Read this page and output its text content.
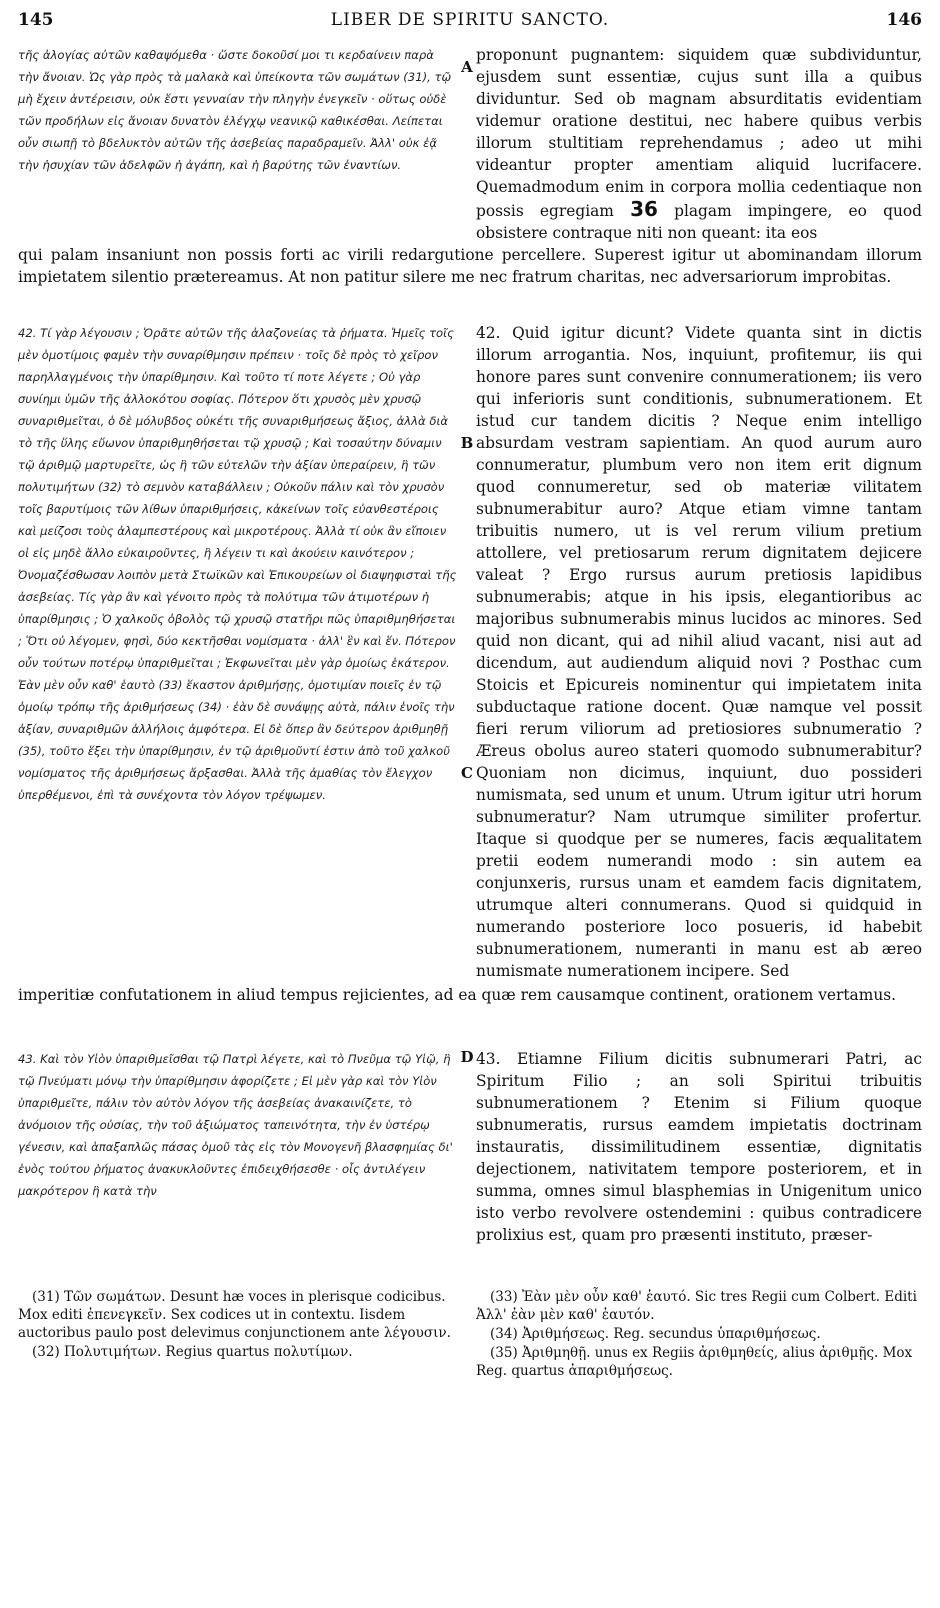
145	LIBER DE SPIRITU SANCTO.	146

τῆς ἀλογίας αὐτῶν καθαψόμεθα · ὥστε δοκοῦσί μοι τι κερδαίνειν παρὰ τὴν ἄνοιαν. Ὡς γὰρ πρὸς τὰ μαλακὰ καὶ ὑπείκοντα τῶν σωμάτων (31), τῷ μὴ ἔχειν ἀντέρεισιν, οὐκ ἔστι γενναίαν τὴν πληγὴν ἐνεγκεῖν · οὕτως οὐδὲ τῶν προδήλων εἰς ἄνοιαν δυνατὸν ἐλέγχῳ νεανικῷ καθικέσθαι. Λείπεται οὖν σιωπῇ τὸ βδελυκτὸν αὐτῶν τῆς ἀσεβείας παραδραμεῖν. Ἀλλ' οὐκ ἐᾷ τὴν ἡσυχίαν τῶν ἀδελφῶν ἡ ἀγάπη, καὶ ἡ βαρύτης τῶν ἐναντίων.

A

proponunt pugnantem: siquidem quæ subdividuntur, ejusdem sunt essentiæ, cujus sunt illa a quibus dividuntur. Sed ob magnam absurditatis evidentiam videmur oratione destitui, nec habere quibus verbis illorum stultitiam reprehendamus ; adeo ut mihi videantur propter amentiam aliquid lucrifacere. Quemadmodum enim in corpora mollia cedentiaque non possis egregiam 36 plagam impingere, eo quod obsistere contraque niti non queant: ita eos

qui palam insaniunt non possis forti ac virili redargutione percellere. Superest igitur ut abominandam illorum impietatem silentio prætereamus. At non patitur silere me nec fratrum charitas, nec adversariorum improbitas.

42. Τί γὰρ λέγουσιν ; Ὁρᾶτε αὐτῶν τῆς ἀλαζονείας τὰ ῥήματα. Ἡμεῖς τοῖς μὲν ὁμοτίμοις φαμὲν τὴν συναρίθμησιν πρέπειν · τοῖς δὲ πρὸς τὸ χεῖρον παρηλλαγμένοις τὴν ὑπαρίθμησιν. Καὶ τοῦτο τί ποτε λέγετε ; Οὐ γὰρ συνίημι ὑμῶν τῆς ἀλλοκότου σοφίας. Πότερον ὅτι χρυσὸς μὲν χρυσῷ συναριθμεῖται, ὁ δὲ μόλυβδος οὐκέτι τῆς συναριθμήσεως ἄξιος, ἀλλὰ διὰ τὸ τῆς ὕλης εὔωνον ὑπαριθμηθήσεται τῷ χρυσῷ ; Καὶ τοσαύτην δύναμιν τῷ ἀριθμῷ μαρτυρεῖτε, ὡς ἢ τῶν εὐτελῶν τὴν ἀξίαν ὑπεραίρειν, ἢ τῶν πολυτιμήτων (32) τὸ σεμνὸν καταβάλλειν ; Οὐκοῦν πάλιν καὶ τὸν χρυσὸν τοῖς βαρυτίμοις τῶν λίθων ὑπαριθμήσεις, κἀκείνων τοῖς εὐανθεστέροις καὶ μείζοσι τοὺς ἀλαμπεστέρους καὶ μικροτέρους. Ἀλλὰ τί οὐκ ἂν εἴποιεν οἱ εἰς μηδὲ ἄλλο εὐκαιροῦντες, ἢ λέγειν τι καὶ ἀκούειν καινότερον ; Ὀνομαζέσθωσαν λοιπὸν μετὰ Στωϊκῶν καὶ Ἐπικουρείων οἱ διαψηφισταὶ τῆς ἀσεβείας. Τίς γὰρ ἂν καὶ γένοιτο πρὸς τὰ πολύτιμα τῶν ἀτιμοτέρων ἡ ὑπαρίθμησις ; Ὁ χαλκοῦς ὀβολὸς τῷ χρυσῷ στατῆρι πῶς ὑπαριθμηθήσεται ; Ὅτι οὐ λέγομεν, φησὶ, δύο κεκτῆσθαι νομίσματα · ἀλλ' ἓν καὶ ἕν. Πότερον οὖν τούτων ποτέρῳ ὑπαριθμεῖται ; Ἐκφωνεῖται μὲν γὰρ ὁμοίως ἑκάτερον. Ἐὰν μὲν οὖν καθ' ἑαυτὸ (33) ἕκαστον ἀριθμήσῃς, ὁμοτιμίαν ποιεῖς ἐν τῷ ὁμοίῳ τρόπῳ τῆς ἀριθμήσεως (34) · ἐὰν δὲ συνάψῃς αὐτὰ, πάλιν ἑνοῖς τὴν ἀξίαν, συναριθμῶν ἀλλήλοις ἀμφότερα. Εἰ δὲ ὅπερ ἂν δεύτερον ἀριθμηθῇ (35), τοῦτο ἕξει τὴν ὑπαρίθμησιν, ἐν τῷ ἀριθμοῦντί ἐστιν ἀπὸ τοῦ χαλκοῦ νομίσματος τῆς ἀριθμήσεως ἄρξασθαι. Ἀλλὰ τῆς ἀμαθίας τὸν ἔλεγχον ὑπερθέμενοι, ἐπὶ τὰ συνέχοντα τὸν λόγον τρέψωμεν.

B
C

42. Quid igitur dicunt? Videte quanta sint in dictis illorum arrogantia. Nos, inquiunt, profitemur, iis qui honore pares sunt convenire connumerationem; iis vero qui inferioris sunt conditionis, subnumerationem. Et istud cur tandem dicitis ? Neque enim intelligo absurdam vestram sapientiam. An quod aurum auro connumeratur, plumbum vero non item erit dignum quod connumeretur, sed ob materiæ vilitatem subnumerabitur auro? Atque etiam vimne tantam tribuitis numero, ut is vel rerum vilium pretium attollere, vel pretiosarum rerum dignitatem dejicere valeat ? Ergo rursus aurum pretiosis lapidibus subnumerabis; atque in his ipsis, elegantioribus ac majoribus subnumerabis minus lucidos ac minores. Sed quid non dicant, qui ad nihil aliud vacant, nisi aut ad dicendum, aut audiendum aliquid novi ? Posthac cum Stoicis et Epicureis nominentur qui impietatem inita subductaque ratione docent. Quæ namque vel possit fieri rerum viliorum ad pretiosiores subnumeratio ? Æreus obolus aureo stateri quomodo subnumerabitur? Quoniam non dicimus, inquiunt, duo possideri numismata, sed unum et unum. Utrum igitur utri horum subnumeratur? Nam utrumque similiter profertur. Itaque si quodque per se numeres, facis æqualitatem pretii eodem numerandi modo : sin autem ea conjunxeris, rursus unam et eamdem facis dignitatem, utrumque alteri connumerans. Quod si quidquid in numerando posteriore loco posueris, id habebit subnumerationem, numeranti in manu est ab æreo numismate numerationem incipere. Sed

imperitiæ confutationem in aliud tempus rejicientes, ad ea quæ rem causamque continent, orationem vertamus.

43. Καὶ τὸν Υἱὸν ὑπαριθμεῖσθαι τῷ Πατρὶ λέγετε, καὶ τὸ Πνεῦμα τῷ Υἱῷ, ἢ τῷ Πνεύματι μόνῳ τὴν ὑπαρίθμησιν ἀφορίζετε ; Εἰ μὲν γὰρ καὶ τὸν Υἱὸν ὑπαριθμεῖτε, πάλιν τὸν αὐτὸν λόγον τῆς ἀσεβείας ἀνακαινίζετε, τὸ ἀνόμοιον τῆς οὐσίας, τὴν τοῦ ἀξιώματος ταπεινότητα, τὴν ἐν ὑστέρῳ γένεσιν, καὶ ἁπαξαπλῶς πάσας ὁμοῦ τὰς εἰς τὸν Μονογενῆ βλασφημίας δι' ἑνὸς τούτου ῥήματος ἀνακυκλοῦντες ἐπιδειχθήσεσθε · οἷς ἀντιλέγειν μακρότερον ἢ κατὰ τὴν

D 43. Etiamne Filium dicitis subnumerari Patri, ac Spiritum Filio ; an soli Spiritui tribuitis subnumerationem ? Etenim si Filium quoque subnumeratis, rursus eamdem impietatis doctrinam instauratis, dissimilitudinem essentiæ, dignitatis dejectionem, nativitatem tempore posteriorem, et in summa, omnes simul blasphemias in Unigenitum unico isto verbo revolvere ostendemini : quibus contradicere prolixius est, quam pro præsenti instituto, præser-

(31) Τῶν σωμάτων. Desunt hæ voces in plerisque codicibus. Mox editi ἐπενεγκεῖν. Sex codices ut in contextu. Iisdem auctoribus paulo post delevimus conjunctionem ante λέγουσιν.

(32) Πολυτιμήτων. Regius quartus πολυτίμων.

(33) Ἐὰν μὲν οὖν καθ' ἑαυτό. Sic tres Regii cum Colbert. Editi Ἀλλ' ἐὰν μὲν καθ' ἑαυτόν.

(34) Ἀριθμήσεως. Reg. secundus ὑπαριθμήσεως.

(35) Ἀριθμηθῇ. unus ex Regiis ἀριθμηθείς, alius ἀριθμῇς. Mox Reg. quartus ἀπαριθμήσεως.
